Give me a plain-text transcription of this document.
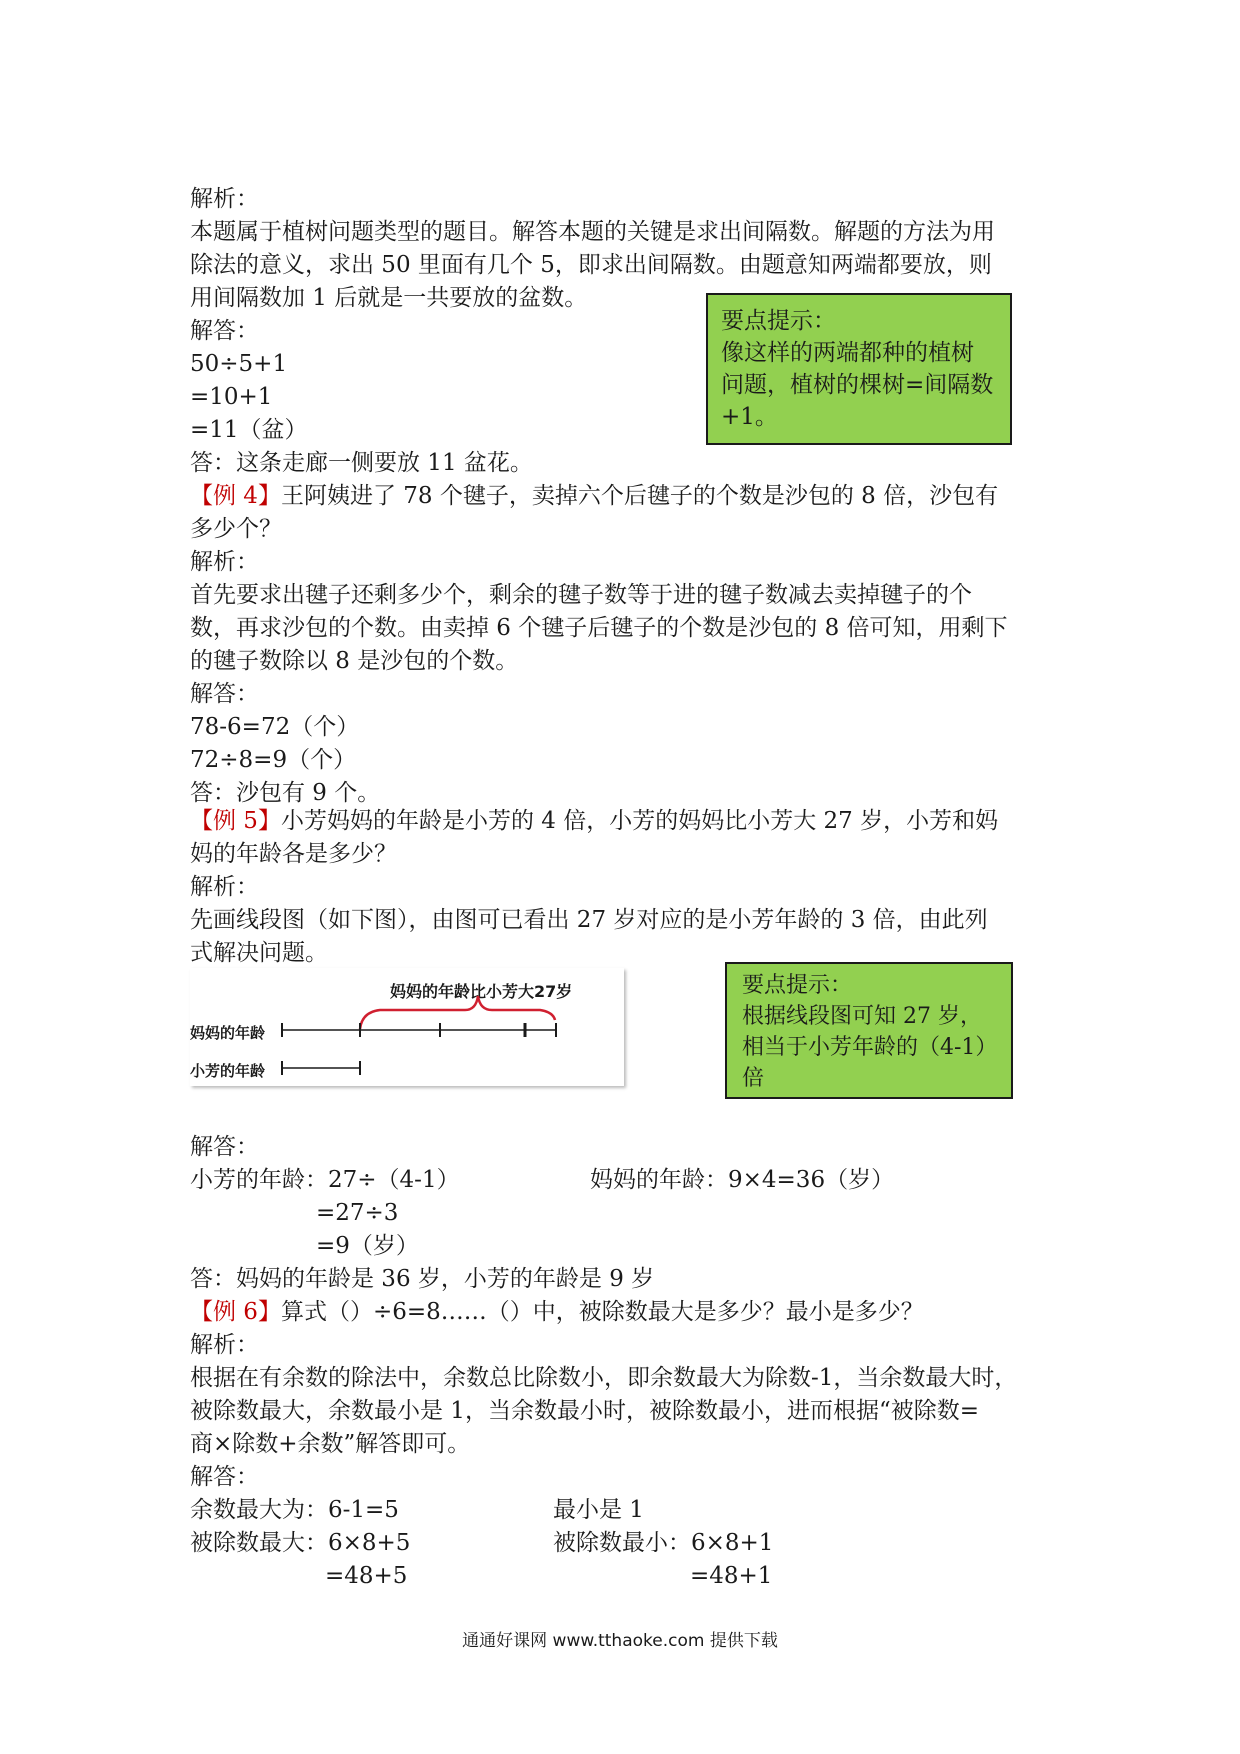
解析：
本题属于植树问题类型的题目。解答本题的关键是求出间隔数。解题的方法为用
除法的意义，求出 50 里面有几个 5，即求出间隔数。由题意知两端都要放，则
用间隔数加 1 后就是一共要放的盆数。
解答：
50÷5+1
=10+1
=11（盆）
答：这条走廊一侧要放 11 盆花。
要点提示：
像这样的两端都种的植树
问题，植树的棵树=间隔数
+1。
【例 4】王阿姨进了 78 个毽子，卖掉六个后毽子的个数是沙包的 8 倍，沙包有
多少个？
解析：
首先要求出毽子还剩多少个，剩余的毽子数等于进的毽子数减去卖掉毽子的个
数，再求沙包的个数。由卖掉 6 个毽子后毽子的个数是沙包的 8 倍可知，用剩下
的毽子数除以 8 是沙包的个数。
解答：
78-6=72（个）
72÷8=9（个）
答：沙包有 9 个。
【例 5】小芳妈妈的年龄是小芳的 4 倍，小芳的妈妈比小芳大 27 岁，小芳和妈
妈的年龄各是多少？
解析：
先画线段图（如下图），由图可已看出 27 岁对应的是小芳年龄的 3 倍，由此列
式解决问题。
妈妈的年龄比小芳大27岁
妈妈的年龄
小芳的年龄
要点提示：
根据线段图可知 27 岁，
相当于小芳年龄的（4-1）
倍
解答：
小芳的年龄：27÷（4-1）	妈妈的年龄：9×4=36（岁）
=27÷3
=9（岁）
答：妈妈的年龄是 36 岁，小芳的年龄是 9 岁
【例 6】算式（）÷6=8……（）中，被除数最大是多少？最小是多少？
解析：
根据在有余数的除法中，余数总比除数小，即余数最大为除数-1，当余数最大时，
被除数最大，余数最小是 1，当余数最小时，被除数最小，进而根据“被除数=
商×除数+余数”解答即可。
解答：
余数最大为：6-1=5	最小是 1
被除数最大：6×8+5	被除数最小：6×8+1
=48+5	=48+1
通通好课网 www.tthaoke.com 提供下载
